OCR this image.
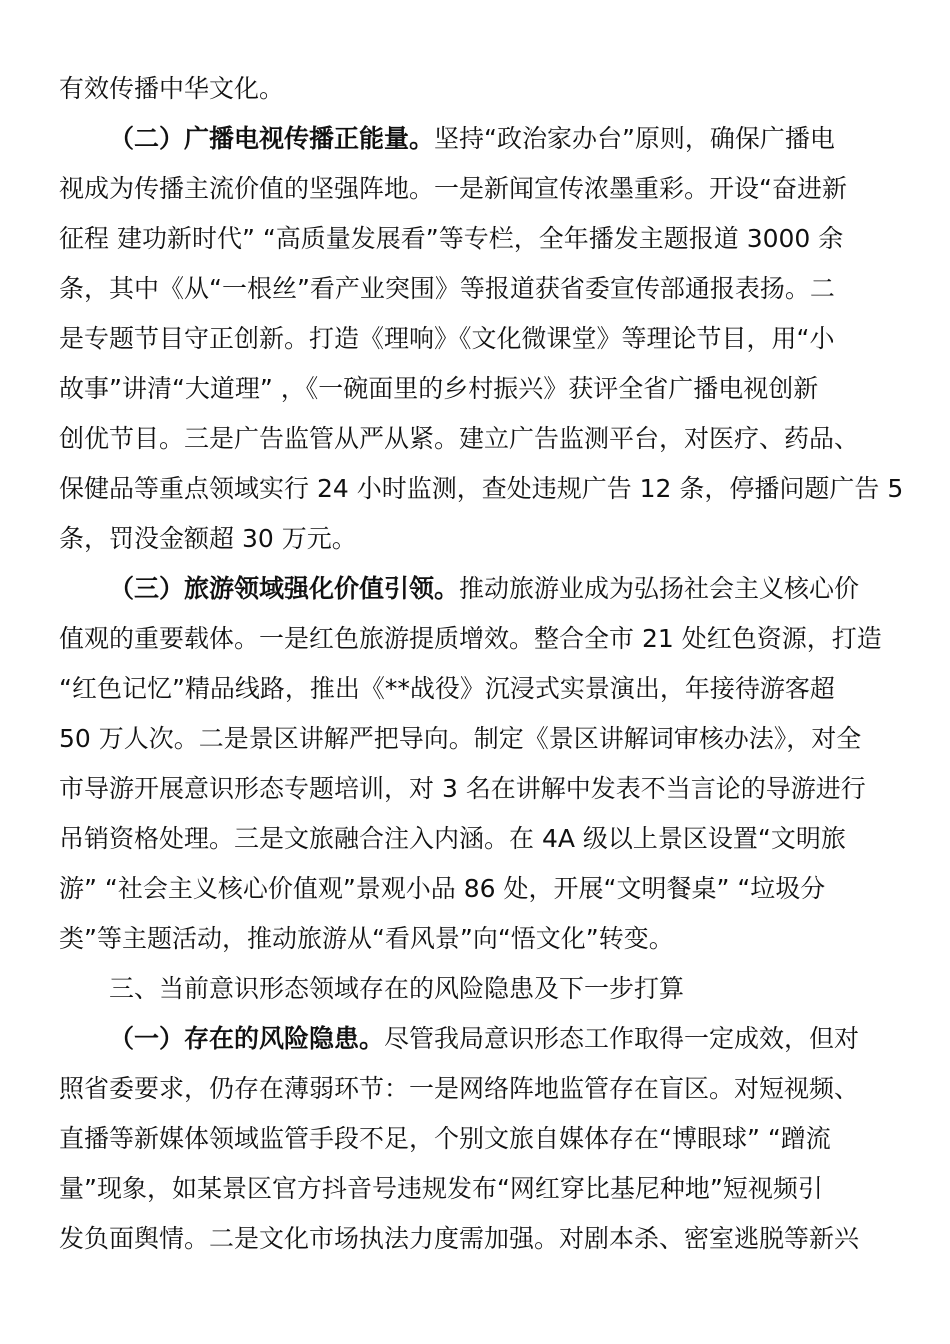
有效传播中华文化。
（二）广播电视传播正能量。坚持“政治家办台”原则，确保广播电
视成为传播主流价值的坚强阵地。一是新闻宣传浓墨重彩。开设“奋进新
征程 建功新时代” “高质量发展看”等专栏，全年播发主题报道 3000 余
条，其中《从“一根丝”看产业突围》等报道获省委宣传部通报表扬。二
是专题节目守正创新。打造《理响》《文化微课堂》等理论节目，用“小
故事”讲清“大道理” ，《一碗面里的乡村振兴》获评全省广播电视创新
创优节目。三是广告监管从严从紧。建立广告监测平台，对医疗、药品、
保健品等重点领域实行 24 小时监测，查处违规广告 12 条，停播问题广告 5
条，罚没金额超 30 万元。
（三）旅游领域强化价值引领。推动旅游业成为弘扬社会主义核心价
值观的重要载体。一是红色旅游提质增效。整合全市 21 处红色资源，打造
“红色记忆”精品线路，推出《**战役》沉浸式实景演出，年接待游客超
50 万人次。二是景区讲解严把导向。制定《景区讲解词审核办法》，对全
市导游开展意识形态专题培训，对 3 名在讲解中发表不当言论的导游进行
吊销资格处理。三是文旅融合注入内涵。在 4A 级以上景区设置“文明旅
游” “社会主义核心价值观”景观小品 86 处，开展“文明餐桌” “垃圾分
类”等主题活动，推动旅游从“看风景”向“悟文化”转变。
三、当前意识形态领域存在的风险隐患及下一步打算
（一）存在的风险隐患。尽管我局意识形态工作取得一定成效，但对
照省委要求，仍存在薄弱环节：一是网络阵地监管存在盲区。对短视频、
直播等新媒体领域监管手段不足，个别文旅自媒体存在“博眼球” “蹭流
量”现象，如某景区官方抖音号违规发布“网红穿比基尼种地”短视频引
发负面舆情。二是文化市场执法力度需加强。对剧本杀、密室逃脱等新兴
